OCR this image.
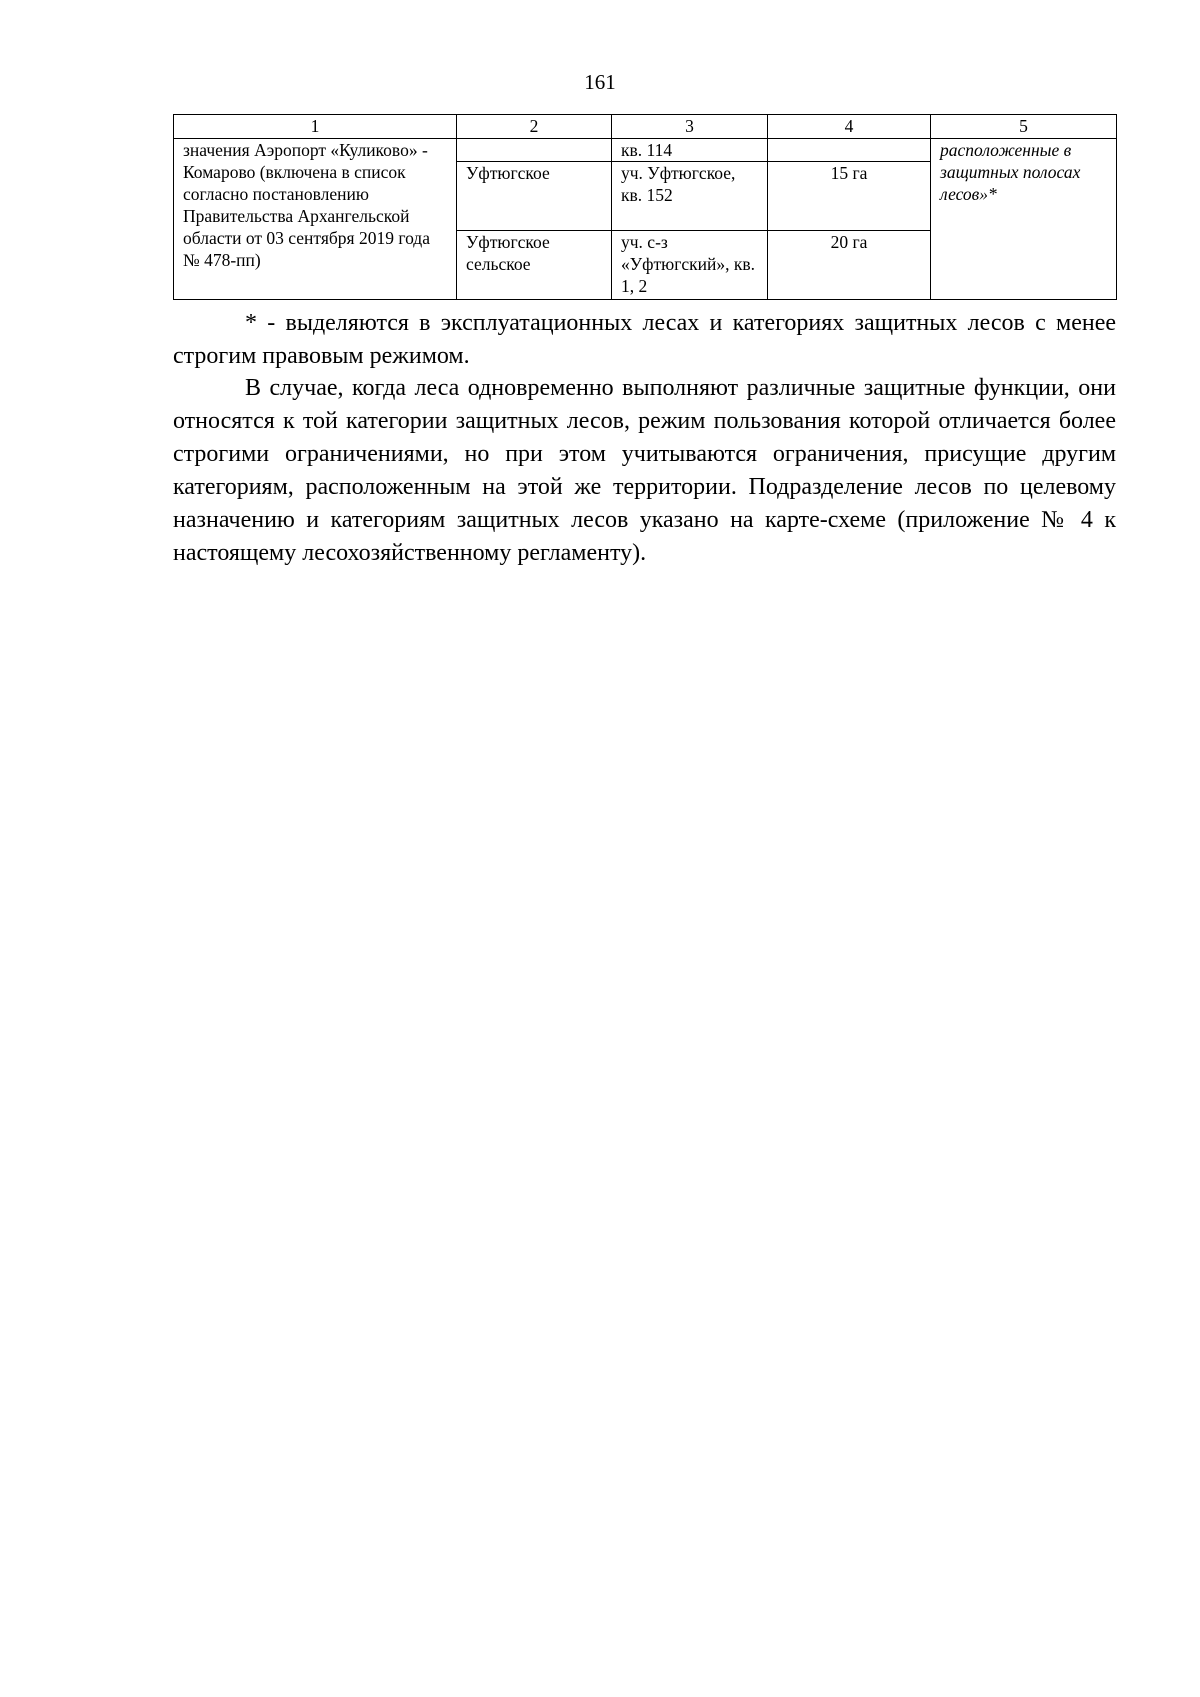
161
1	2	3	4	5
значения Аэропорт «Куликово» - Комарово (включена в список согласно постановлению Правительства Архангельской области от 03 сентября 2019 года № 478-пп)		кв. 114		расположенные в защитных полосах лесов»*
	Уфтюгское	уч. Уфтюгское, кв. 152	15 га	
	Уфтюгское сельское	уч. с-з «Уфтюгский», кв. 1, 2	20 га	

* - выделяются в эксплуатационных лесах и категориях защитных лесов с менее строгим правовым режимом.

В случае, когда леса одновременно выполняют различные защитные функции, они относятся к той категории защитных лесов, режим пользования которой отличается более строгими ограничениями, но при этом учитываются ограничения, присущие другим категориям, расположенным на этой же территории. Подразделение лесов по целевому назначению и категориям защитных лесов указано на карте-схеме (приложение № 4 к настоящему лесохозяйственному регламенту).
